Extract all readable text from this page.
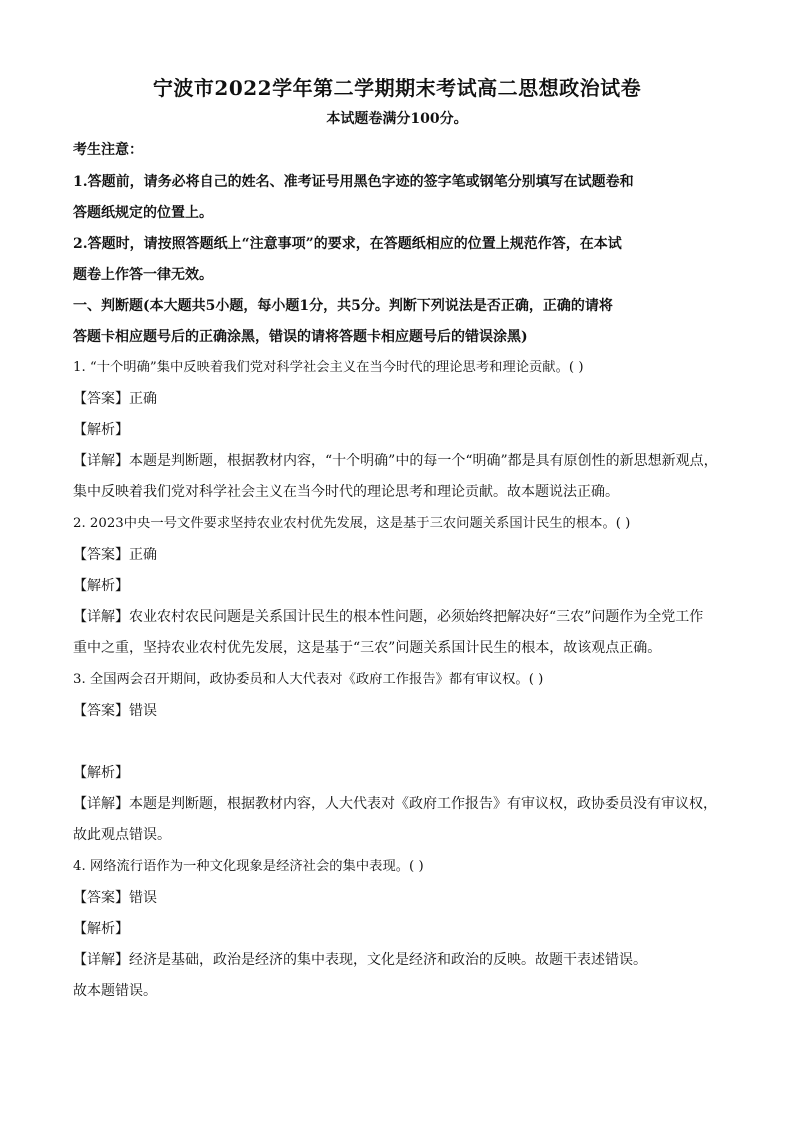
宁波市2022学年第二学期期末考试高二思想政治试卷
本试题卷满分100分。
考生注意：
1.答题前，请务必将自己的姓名、准考证号用黑色字迹的签字笔或钢笔分别填写在试题卷和
答题纸规定的位置上。
2.答题时，请按照答题纸上“注意事项”的要求，在答题纸相应的位置上规范作答，在本试
题卷上作答一律无效。
一、判断题(本大题共5小题，每小题1分，共5分。判断下列说法是否正确，正确的请将
答题卡相应题号后的正确涂黑，错误的请将答题卡相应题号后的错误涂黑)
1. “十个明确”集中反映着我们党对科学社会主义在当今时代的理论思考和理论贡献。( )
【答案】正确
【解析】
【详解】本题是判断题，根据教材内容，“十个明确”中的每一个“明确”都是具有原创性的新思想新观点，
集中反映着我们党对科学社会主义在当今时代的理论思考和理论贡献。故本题说法正确。
2. 2023中央一号文件要求坚持农业农村优先发展，这是基于三农问题关系国计民生的根本。( )
【答案】正确
【解析】
【详解】农业农村农民问题是关系国计民生的根本性问题，必须始终把解决好“三农”问题作为全党工作
重中之重，坚持农业农村优先发展，这是基于“三农”问题关系国计民生的根本，故该观点正确。
3. 全国两会召开期间，政协委员和人大代表对《政府工作报告》都有审议权。( )
【答案】错误
【解析】
【详解】本题是判断题，根据教材内容，人大代表对《政府工作报告》有审议权，政协委员没有审议权，
故此观点错误。
4. 网络流行语作为一种文化现象是经济社会的集中表现。( )
【答案】错误
【解析】
【详解】经济是基础，政治是经济的集中表现，文化是经济和政治的反映。故题干表述错误。
故本题错误。
